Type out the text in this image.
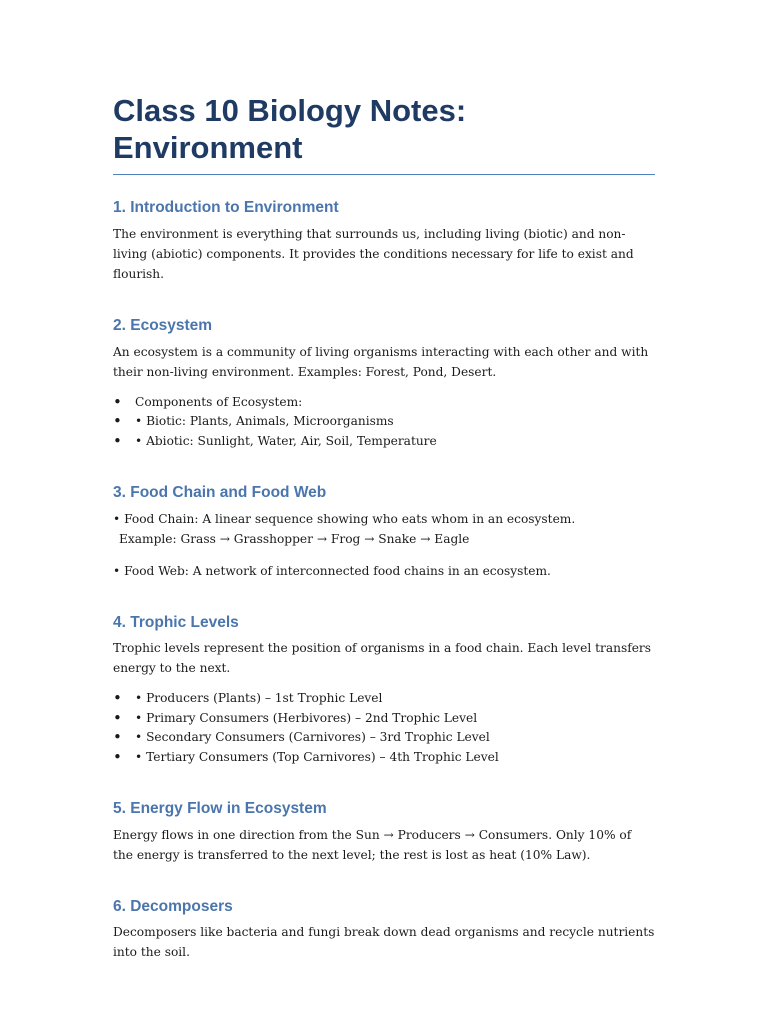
Class 10 Biology Notes: Environment
1. Introduction to Environment

The environment is everything that surrounds us, including living (biotic) and non-living (abiotic) components. It provides the conditions necessary for life to exist and flourish.

2. Ecosystem

An ecosystem is a community of living organisms interacting with each other and with their non-living environment. Examples: Forest, Pond, Desert.

• Components of Ecosystem:
• • Biotic: Plants, Animals, Microorganisms
• • Abiotic: Sunlight, Water, Air, Soil, Temperature
3. Food Chain and Food Web

• Food Chain: A linear sequence showing who eats whom in an ecosystem.

Example: Grass → Grasshopper → Frog → Snake → Eagle

• Food Web: A network of interconnected food chains in an ecosystem.

4. Trophic Levels

Trophic levels represent the position of organisms in a food chain. Each level transfers energy to the next.

• • Producers (Plants) – 1st Trophic Level
• • Primary Consumers (Herbivores) – 2nd Trophic Level
• • Secondary Consumers (Carnivores) – 3rd Trophic Level
• • Tertiary Consumers (Top Carnivores) – 4th Trophic Level
5. Energy Flow in Ecosystem

Energy flows in one direction from the Sun → Producers → Consumers. Only 10% of the energy is transferred to the next level; the rest is lost as heat (10% Law).

6. Decomposers

Decomposers like bacteria and fungi break down dead organisms and recycle nutrients into the soil.
